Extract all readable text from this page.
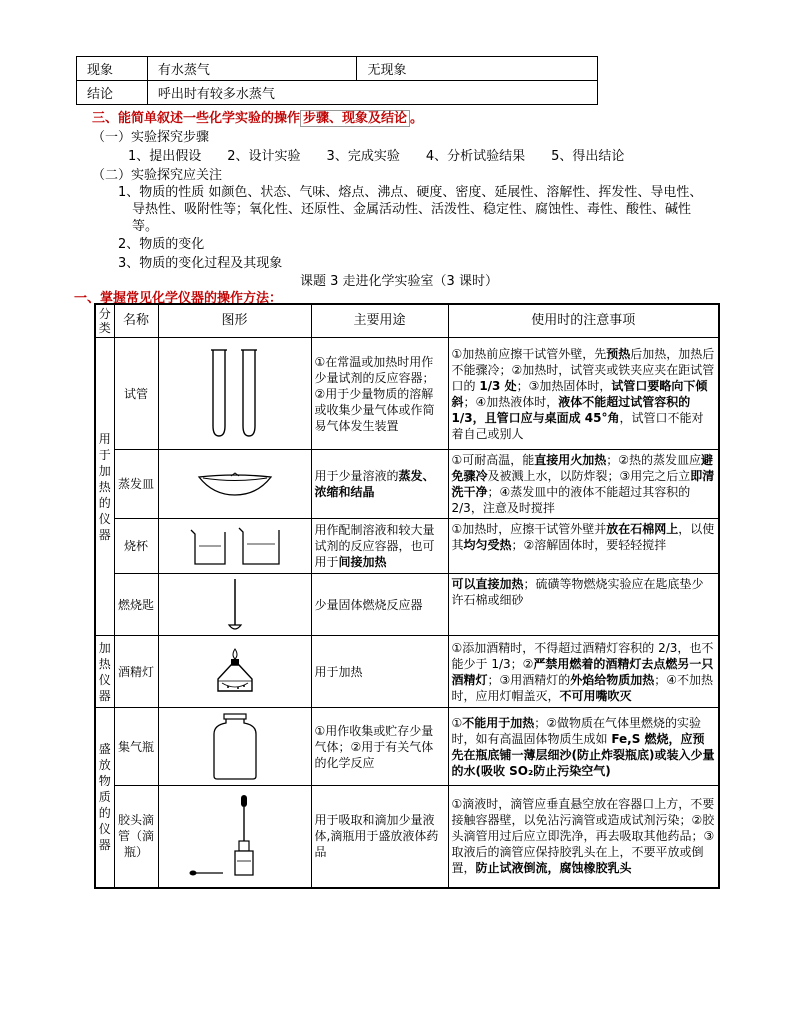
现象	有水蒸气	无现象
结论	呼出时有较多水蒸气	
三、能简单叙述一些化学实验的操作 步骤、现象及结论 。
（一）实验探究步骤
1、提出假设　　2、设计实验　　3、完成实验　　4、分析试验结果　　5、得出结论
（二）实验探究应关注
1、物质的性质 如颜色、状态、气味、熔点、沸点、硬度、密度、延展性、溶解性、挥发性、导电性、
导热性、吸附性等；氧化性、还原性、金属活动性、活泼性、稳定性、腐蚀性、毒性、酸性、碱性
等。
2、物质的变化
3、物质的变化过程及其现象
课题 3 走进化学实验室（3 课时）
一、掌握常见化学仪器的操作方法：
分类	名称	图形	主要用途	使用时的注意事项
用于加热的仪器	试管		①在常温或加热时用作少量试剂的反应容器；②用于少量物质的溶解或收集少量气体或作简易气体发生装置	①加热前应擦干试管外壁，先预热后加热，加热后不能骤冷；②加热时，试管夹或铁夹应夹在距试管口的 1/3 处；③加热固体时，试管口要略向下倾斜；④加热液体时，液体不能超过试管容积的 1/3，且管口应与桌面成 45°角，试管口不能对着自己或别人
	蒸发皿		用于少量溶液的蒸发、浓缩和结晶	①可耐高温，能直接用火加热；②热的蒸发皿应避免骤冷及被溅上水，以防炸裂；③用完之后立即清洗干净；④蒸发皿中的液体不能超过其容积的 2/3，注意及时搅拌
	烧杯		用作配制溶液和较大量试剂的反应容器，也可用于间接加热	①加热时，应擦干试管外壁并放在石棉网上，以使其均匀受热；②溶解固体时，要轻轻搅拌
	燃烧匙		少量固体燃烧反应器	可以直接加热；硫磺等物燃烧实验应在匙底垫少许石棉或细砂
加热仪器	酒精灯		用于加热	①添加酒精时，不得超过酒精灯容积的 2/3，也不能少于 1/3；②严禁用燃着的酒精灯去点燃另一只酒精灯；③用酒精灯的外焰给物质加热；④不加热时，应用灯帽盖灭，不可用嘴吹灭
盛放物质的仪器	集气瓶		①用作收集或贮存少量气体；②用于有关气体的化学反应	①不能用于加热；②做物质在气体里燃烧的实验时，如有高温固体物质生成如 Fe,S 燃烧，应预先在瓶底铺一薄层细沙(防止炸裂瓶底)或装入少量的水(吸收 SO₂防止污染空气)
	胶头滴管（滴瓶）		用于吸取和滴加少量液体,滴瓶用于盛放液体药品	①滴液时，滴管应垂直悬空放在容器口上方，不要接触容器壁，以免沾污滴管或造成试剂污染；②胶头滴管用过后应立即洗净，再去吸取其他药品；③取液后的滴管应保持胶乳头在上，不要平放或倒置，防止试液倒流，腐蚀橡胶乳头
